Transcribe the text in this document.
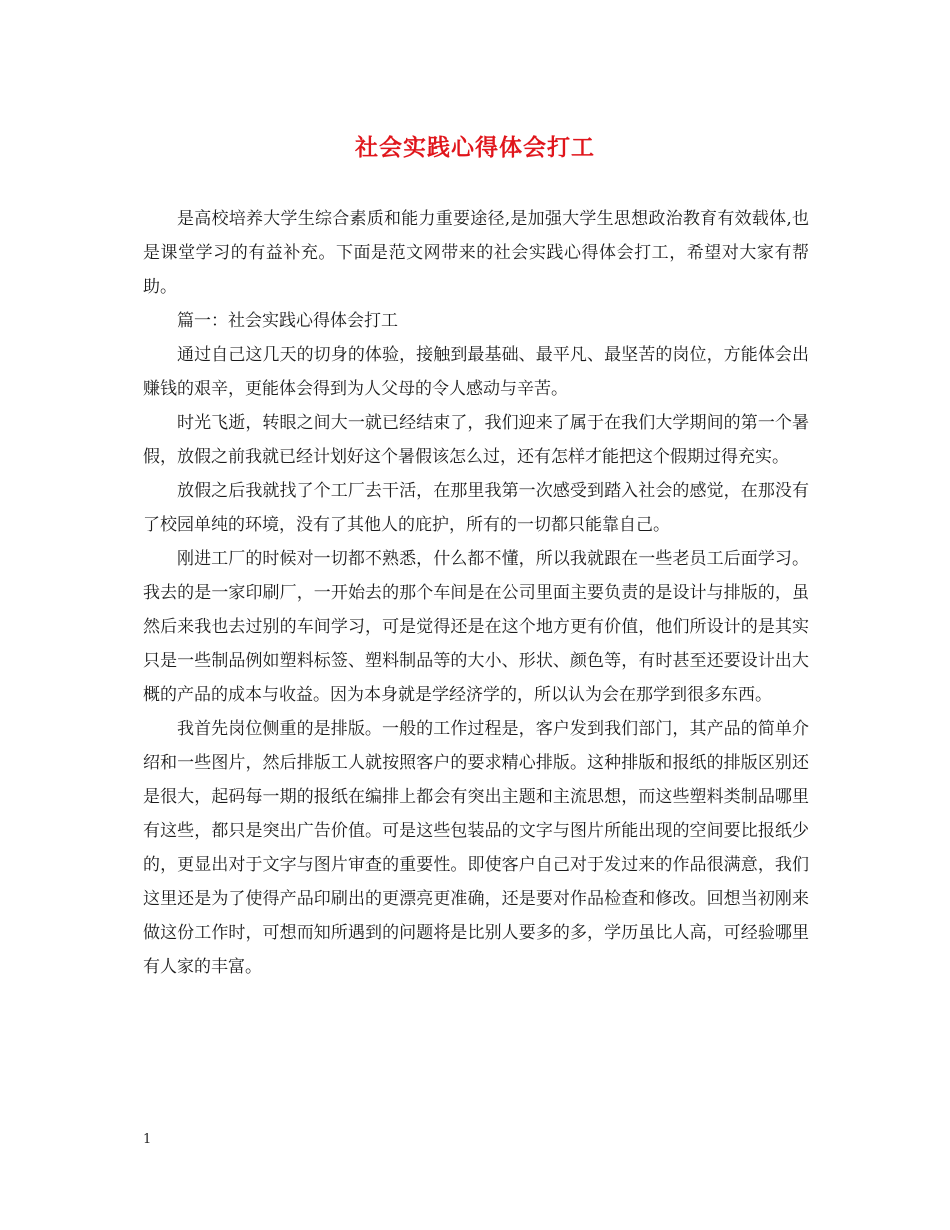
社会实践心得体会打工

是高校培养大学生综合素质和能力重要途径,是加强大学生思想政治教育有效载体,也是课堂学习的有益补充。下面是范文网带来的社会实践心得体会打工，希望对大家有帮助。

篇一：社会实践心得体会打工

通过自己这几天的切身的体验，接触到最基础、最平凡、最坚苦的岗位，方能体会出赚钱的艰辛，更能体会得到为人父母的令人感动与辛苦。

时光飞逝，转眼之间大一就已经结束了，我们迎来了属于在我们大学期间的第一个暑假，放假之前我就已经计划好这个暑假该怎么过，还有怎样才能把这个假期过得充实。

放假之后我就找了个工厂去干活，在那里我第一次感受到踏入社会的感觉，在那没有了校园单纯的环境，没有了其他人的庇护，所有的一切都只能靠自己。

刚进工厂的时候对一切都不熟悉，什么都不懂，所以我就跟在一些老员工后面学习。我去的是一家印刷厂，一开始去的那个车间是在公司里面主要负责的是设计与排版的，虽然后来我也去过别的车间学习，可是觉得还是在这个地方更有价值，他们所设计的是其实只是一些制品例如塑料标签、塑料制品等的大小、形状、颜色等，有时甚至还要设计出大概的产品的成本与收益。因为本身就是学经济学的，所以认为会在那学到很多东西。

我首先岗位侧重的是排版。一般的工作过程是，客户发到我们部门，其产品的简单介绍和一些图片，然后排版工人就按照客户的要求精心排版。这种排版和报纸的排版区别还是很大，起码每一期的报纸在编排上都会有突出主题和主流思想，而这些塑料类制品哪里有这些，都只是突出广告价值。可是这些包装品的文字与图片所能出现的空间要比报纸少的，更显出对于文字与图片审查的重要性。即使客户自己对于发过来的作品很满意，我们这里还是为了使得产品印刷出的更漂亮更准确，还是要对作品检查和修改。回想当初刚来做这份工作时，可想而知所遇到的问题将是比别人要多的多，学历虽比人高，可经验哪里有人家的丰富。

1
